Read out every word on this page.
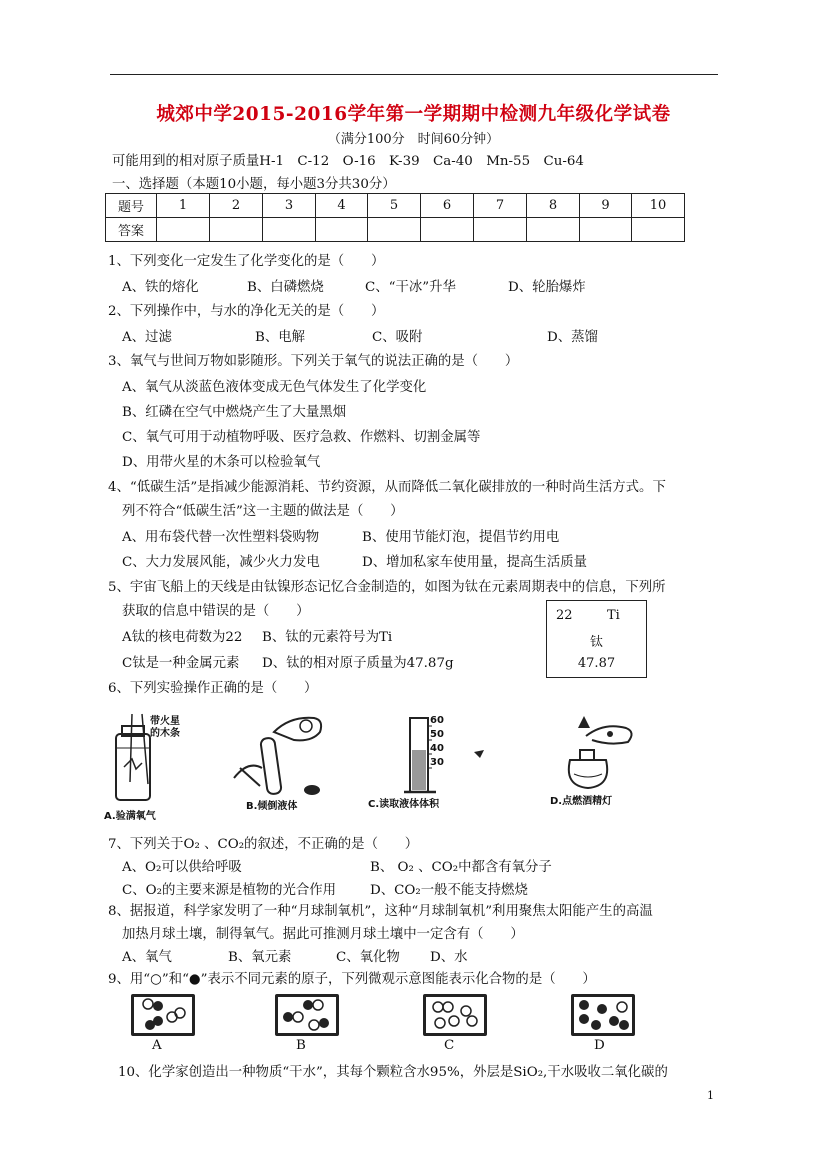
城郊中学2015-2016学年第一学期期中检测九年级化学试卷
（满分100分　时间60分钟）
可能用到的相对原子质量H-1　C-12　O-16　K-39　Ca-40　Mn-55　Cu-64
一、选择题（本题10小题，每小题3分共30分）
题号	1	2	3	4	5	6	7	8	9	10
答案										
1、下列变化一定发生了化学变化的是（　　）
A、铁的熔化	B、白磷燃烧	C、“干冰”升华	D、轮胎爆炸
2、下列操作中，与水的净化无关的是（　　）
A、过滤	B、电解	C、吸附	D、蒸馏
3、氧气与世间万物如影随形。下列关于氧气的说法正确的是（　　）
A、氧气从淡蓝色液体变成无色气体发生了化学变化
B、红磷在空气中燃烧产生了大量黑烟
C、氧气可用于动植物呼吸、医疗急救、作燃料、切割金属等
D、用带火星的木条可以检验氧气
4、“低碳生活”是指减少能源消耗、节约资源，从而降低二氧化碳排放的一种时尚生活方式。下
列不符合“低碳生活”这一主题的做法是（　　）
A、用布袋代替一次性塑料袋购物	B、使用节能灯泡，提倡节约用电
C、大力发展风能，减少火力发电	D、增加私家车使用量，提高生活质量
5、宇宙飞船上的天线是由钛镍形态记忆合金制造的，如图为钛在元素周期表中的信息，下列所
获取的信息中错误的是（　　）
A钛的核电荷数为22 B、钛的元素符号为Ti
C钛是一种金属元素 D、钛的相对原子质量为47.87g
22	Ti
钛
47.87
6、下列实验操作正确的是（　　）
带火星的木条
A.验满氧气
B.倾倒液体
60
50
40
30
C.读取液体体积	D.点燃酒精灯
7、下列关于O₂ 、CO₂的叙述，不正确的是（　　）
A、O₂可以供给呼吸	B、 O₂ 、CO₂中都含有氧分子
C、O₂的主要来源是植物的光合作用	D、CO₂一般不能支持燃烧
8、据报道，科学家发明了一种“月球制氧机”，这种“月球制氧机”利用聚焦太阳能产生的高温
加热月球土壤，制得氧气。据此可推测月球土壤中一定含有（　　）
A、氧气	B、氧元素	C、氧化物 D、水
9、用“○”和“●”表示不同元素的原子，下列微观示意图能表示化合物的是（　　）
A	B	C	D
10、化学家创造出一种物质“干水”，其每个颗粒含水95%，外层是SiO₂,干水吸收二氧化碳的
1
